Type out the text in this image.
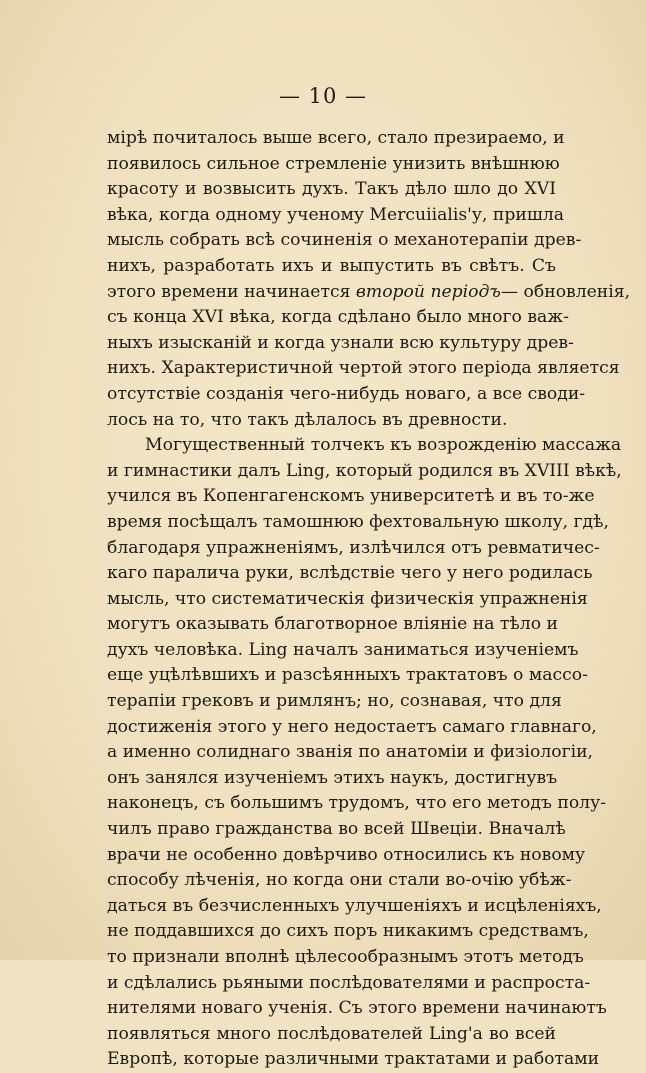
— 10 —
мірѣ почиталось выше всего, стало презираемо, и
появилось сильное стремленіе унизить внѣшнюю
красоту и возвысить духъ. Такъ дѣло шло до XVI
вѣка, когда одному ученому Mercuiialis'у, пришла
мысль собрать всѣ сочиненія о механотерапіи древ-
нихъ, разработать ихъ и выпустить въ свѣтъ. Съ
этого времени начинается второй періодъ— обновленія,
съ конца XVI вѣка, когда сдѣлано было много важ-
ныхъ изысканій и когда узнали всю культуру древ-
нихъ. Характеристичной чертой этого періода является
отсутствіе созданія чего-нибудь новаго, а все своди-
лось на то, что такъ дѣлалось въ древности.
Могущественный толчекъ къ возрожденію массажа
и гимнастики далъ Ling, который родился въ XVIII вѣкѣ,
учился въ Копенгагенскомъ университетѣ и въ то-же
время посѣщалъ тамошнюю фехтовальную школу, гдѣ,
благодаря упражненіямъ, излѣчился отъ ревматичес-
каго паралича руки, вслѣдствіе чего у него родилась
мысль, что систематическія физическія упражненія
могутъ оказывать благотворное вліяніе на тѣло и
духъ человѣка. Ling началъ заниматься изученіемъ
еще уцѣлѣвшихъ и разсѣянныхъ трактатовъ о массо-
терапіи грековъ и римлянъ; но, сознавая, что для
достиженія этого у него недостаетъ самаго главнаго,
а именно солиднаго званія по анатоміи и физіологіи,
онъ занялся изученіемъ этихъ наукъ, достигнувъ
наконецъ, съ большимъ трудомъ, что его методъ полу-
чилъ право гражданства во всей Швеціи. Вначалѣ
врачи не особенно довѣрчиво относились къ новому
способу лѣченія, но когда они стали во-очію убѣж-
даться въ безчисленныхъ улучшеніяхъ и исцѣленіяхъ,
не поддавшихся до сихъ поръ никакимъ средствамъ,
то признали вполнѣ цѣлесообразнымъ этотъ методъ
и сдѣлались рьяными послѣдователями и распроста-
нителями новаго ученія. Съ этого времени начинаютъ
появляться много послѣдователей Ling'а во всей
Европѣ, которые различными трактатами и работами
